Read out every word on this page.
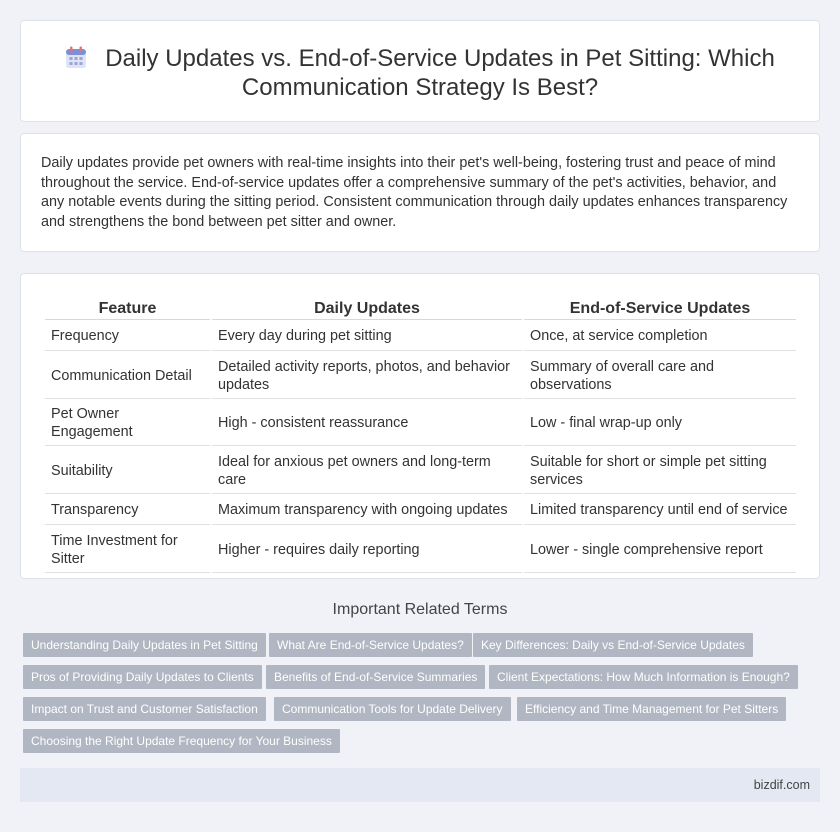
Daily Updates vs. End-of-Service Updates in Pet Sitting: Which Communication Strategy Is Best?

Daily updates provide pet owners with real-time insights into their pet's well-being, fostering trust and peace of mind throughout the service. End-of-service updates offer a comprehensive summary of the pet's activities, behavior, and any notable events during the sitting period. Consistent communication through daily updates enhances transparency and strengthens the bond between pet sitter and owner.

Feature	Daily Updates	End-of-Service Updates
Frequency	Every day during pet sitting	Once, at service completion
Communication Detail	Detailed activity reports, photos, and behavior updates	Summary of overall care and observations
Pet Owner Engagement	High - consistent reassurance	Low - final wrap-up only
Suitability	Ideal for anxious pet owners and long-term care	Suitable for short or simple pet sitting services
Transparency	Maximum transparency with ongoing updates	Limited transparency until end of service
Time Investment for Sitter	Higher - requires daily reporting	Lower - single comprehensive report
Important Related Terms
Understanding Daily Updates in Pet Sitting	What Are End-of-Service Updates?	Key Differences: Daily vs End-of-Service Updates
Pros of Providing Daily Updates to Clients	Benefits of End-of-Service Summaries	Client Expectations: How Much Information is Enough?
Impact on Trust and Customer Satisfaction	Communication Tools for Update Delivery	Efficiency and Time Management for Pet Sitters
Choosing the Right Update Frequency for Your Business
bizdif.com
